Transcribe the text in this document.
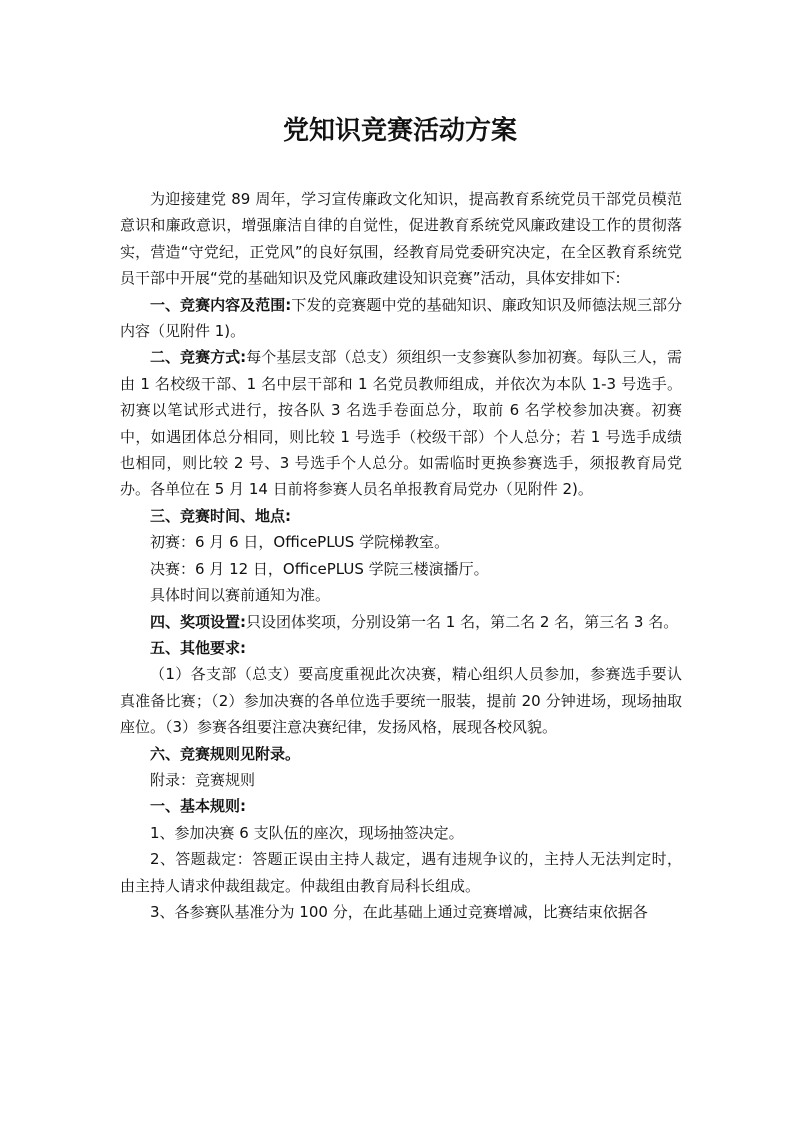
党知识竞赛活动方案

为迎接建党 89 周年，学习宣传廉政文化知识，提高教育系统党员干部党员模范意识和廉政意识，增强廉洁自律的自觉性，促进教育系统党风廉政建设工作的贯彻落实，营造“守党纪，正党风”的良好氛围，经教育局党委研究决定，在全区教育系统党员干部中开展“党的基础知识及党风廉政建设知识竞赛”活动，具体安排如下:

一、竞赛内容及范围:下发的竞赛题中党的基础知识、廉政知识及师德法规三部分内容（见附件 1)。

二、竞赛方式:每个基层支部（总支）须组织一支参赛队参加初赛。每队三人，需由 1 名校级干部、1 名中层干部和 1 名党员教师组成，并依次为本队 1-3 号选手。初赛以笔试形式进行，按各队 3 名选手卷面总分，取前 6 名学校参加决赛。初赛中，如遇团体总分相同，则比较 1 号选手（校级干部）个人总分；若 1 号选手成绩也相同，则比较 2 号、3 号选手个人总分。如需临时更换参赛选手，须报教育局党办。各单位在 5 月 14 日前将参赛人员名单报教育局党办（见附件 2)。

三、竞赛时间、地点:

初赛：6 月 6 日，OfficePLUS 学院梯教室。

决赛：6 月 12 日，OfficePLUS 学院三楼演播厅。

具体时间以赛前通知为准。

四、奖项设置:只设团体奖项，分别设第一名 1 名，第二名 2 名，第三名 3 名。

五、其他要求:

（1）各支部（总支）要高度重视此次决赛，精心组织人员参加，参赛选手要认真准备比赛；（2）参加决赛的各单位选手要统一服装，提前 20 分钟进场，现场抽取座位。（3）参赛各组要注意决赛纪律，发扬风格，展现各校风貌。

六、竞赛规则见附录。

附录：竞赛规则

一、基本规则:

1、参加决赛 6 支队伍的座次，现场抽签决定。

2、答题裁定：答题正误由主持人裁定，遇有违规争议的，主持人无法判定时，由主持人请求仲裁组裁定。仲裁组由教育局科长组成。

3、各参赛队基准分为 100 分，在此基础上通过竞赛增减，比赛结束依据各
